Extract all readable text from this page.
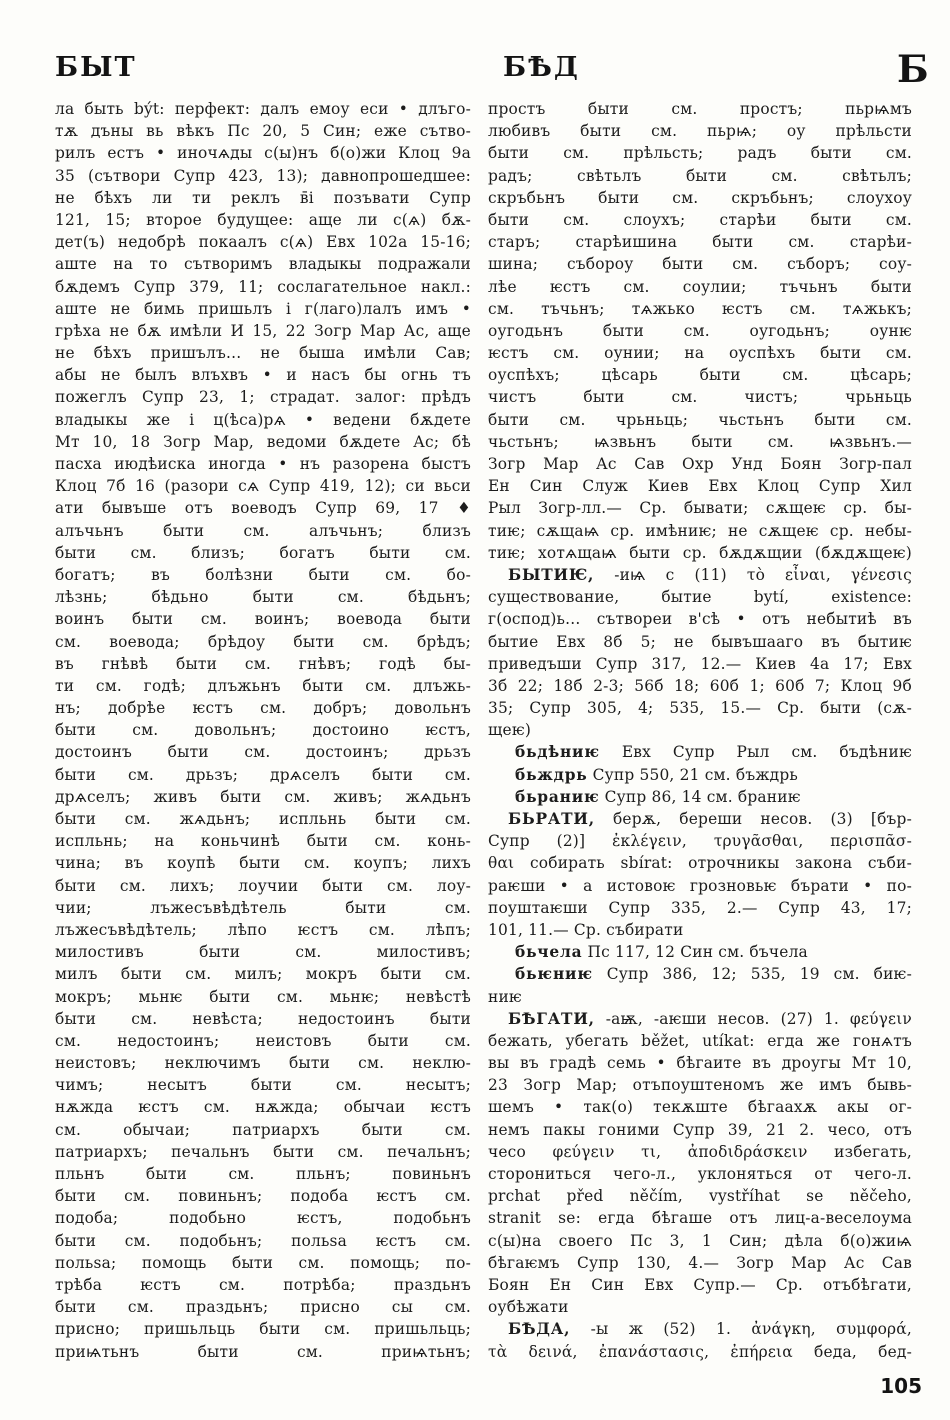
БЫТ	БѢД	Б
ла быть být: перфект: далъ емоу еси • длъго-
тѫ дъны вь вѣкъ Пс 20, 5 Син; еже сътво-
рилъ естъ • иночѧды с(ы)нъ б(о)жи Клоц 9а
35 (сътвори Супр 423, 13); давнопрошедшее:
не бѣхъ ли ти реклъ в̄і позъвати Супр
121, 15; второе будущее: аще ли с(ѧ) бѫ-
дет(ъ) недобрѣ покаалъ с(ѧ) Евх 102а 15-16;
аште на то сътворимъ владыкы подражали
бѫдемъ Супр 379, 11; сослагательное накл.:
аште не бимь пришьлъ і г(лаго)лалъ имъ •
грѣха не бѫ имѣли И 15, 22 Зогр Мар Ас, аще
не бѣхъ пришълъ... не быша имѣли Сав;
абы не былъ влъхвъ • и насъ бы огнь тъ
пожеглъ Супр 23, 1; страдат. залог: прѣдъ
владыкы же і ц(ѣса)рѧ • ведени бѫдете
Мт 10, 18 Зогр Мар, ведоми бѫдете Ас; бѣ
пасха июдѣиска иногда • нъ разорена быстъ
Клоц 7б 16 (разори сѧ Супр 419, 12); си вьси
ати бывъше отъ воеводъ Супр 69, 17 ♦
алъчьнъ быти см. алъчьнъ; близъ
быти см. близъ; богатъ быти см.
богатъ; въ болѣзни быти см. бо-
лѣзнь; бѣдьно быти см. бѣдьнъ;
воинъ быти см. воинъ; воевода быти
см. воевода; брѣдоу быти см. брѣдъ;
въ гнѣвѣ быти см. гнѣвъ; годѣ бы-
ти см. годѣ; длъжьнъ быти см. длъжь-
нъ; добрѣе ѥстъ см. добръ; довольнъ
быти см. довольнъ; достоино ѥстъ,
достоинъ быти см. достоинъ; дрьзъ
быти см. дрьзъ; дрѧселъ быти см.
дрѧселъ; живъ быти см. живъ; жѧдьнъ
быти см. жѧдьнъ; испльнь быти см.
испльнь; на коньчинѣ быти см. конь-
чина; въ коупѣ быти см. коупъ; лихъ
быти см. лихъ; лоучии быти см. лоу-
чии; лъжесъвѣдѣтель быти см.
лъжесъвѣдѣтель; лѣпо ѥстъ см. лѣпъ;
милостивъ быти см. милостивъ;
милъ быти см. милъ; мокръ быти см.
мокръ; мьнѥ быти см. мьнѥ; невѣстѣ
быти см. невѣста; недостоинъ быти
см. недостоинъ; неистовъ быти см.
неистовъ; неключимъ быти см. неклю-
чимъ; несытъ быти см. несытъ;
нѫжда ѥстъ см. нѫжда; обычаи ѥстъ
см. обычаи; патриархъ быти см.
патриархъ; печальнъ быти см. печальнъ;
пльнъ быти см. пльнъ; повиньнъ
быти см. повиньнъ; подоба ѥстъ см.
подоба; подобьно ѥстъ, подобьнъ
быти см. подобьнъ; польѕа ѥстъ см.
польѕа; помощь быти см. помощь; по-
трѣба ѥстъ см. потрѣба; праздьнъ
быти см. праздьнъ; присно сы см.
присно; пришьльць быти см. пришьльць;
приѩтьнъ быти см. приѩтьнъ;
простъ быти см. простъ; пьрѩмъ
любивъ быти см. пьрѩ; оу прѣльсти
быти см. прѣльсть; радъ быти см.
радъ; свѣтьлъ быти см. свѣтьлъ;
скръбьнъ быти см. скръбьнъ; слоухоу
быти см. слоухъ; старѣи быти см.
старъ; старѣишина быти см. старѣи-
шина; събороу быти см. съборъ; соу-
лѣе ѥстъ см. соулии; тъчьнъ быти
см. тъчьнъ; тѧжько ѥстъ см. тѧжькъ;
оугодьнъ быти см. оугодьнъ; оунѥ
ѥстъ см. оунии; на оуспѣхъ быти см.
оуспѣхъ; цѣсарь быти см. цѣсарь;
чистъ быти см. чистъ; чрьньць
быти см. чрьньць; чьстьнъ быти см.
чьстьнъ; ѩзвьнъ быти см. ѩзвьнъ.—
Зогр Мар Ас Сав Охр Унд Боян Зогр-пал
Ен Син Служ Киев Евх Клоц Супр Хил
Рыл Зогр-лл.— Ср. бывати; сѫщеѥ ср. бы-
тиѥ; сѫщаѩ ср. имѣниѥ; не сѫщеѥ ср. небы-
тиѥ; хотѧщаѩ быти ср. бѫдѫщии (бѫдѫщеѥ)
БЫТИѤ, -иѩ с (11) τὸ εἶναι, γένεσις
существование, бытие bytí, existence:
г(оспод)ь... сътвореи в'сѣ • отъ небытиѣ въ
бытие Евх 8б 5; не бывъшааго въ бытиѥ
приведъши Супр 317, 12.— Киев 4а 17; Евх
3б 22; 18б 2-3; 56б 18; 60б 1; 60б 7; Клоц 9б
35; Супр 305, 4; 535, 15.— Ср. быти (сѫ-
щеѥ)
бьдѣниѥ Евх Супр Рыл см. бъдѣниѥ
бьждрь Супр 550, 21 см. бъждрь
бьраниѥ Супр 86, 14 см. браниѥ
БЬРАТИ, берѫ, береши несов. (3) [бър-
Супр (2)] ἐκλέγειν, τρυγᾶσθαι, περισπᾶσ-
θαι собирать sbírat: отрочникы закона съби-
раѥши • а истовоѥ грозновьѥ бърати • по-
поуштаѥши Супр 335, 2.— Супр 43, 17;
101, 11.— Ср. събирати
бьчела Пс 117, 12 Син см. бъчела
бьѥниѥ Супр 386, 12; 535, 19 см. биѥ-
ниѥ
БѢГАТИ, -аѭ, -аѥши несов. (27) 1. φεύγειν
бежать, убегать běžet, utíkat: егда же гонѧтъ
вы въ градѣ семь • бѣгаите въ дроугы Мт 10,
23 Зогр Мар; отъпоуштеномъ же имъ бывь-
шемъ • так(о) текѫште бѣгаахѫ акы ог-
немъ пакы гоними Супр 39, 21 2. чесо, отъ
чесо φεύγειν τι, ἀποδιδράσκειν избегать,
сторониться чего-л., уклоняться от чего-л.
prchat před něčím, vystříhat se něčeho,
stranit se: егда бѣгаше отъ лиц-а-веселоума
с(ы)на своего Пс 3, 1 Син; дѣла б(о)жиѩ
бѣгаѥмъ Супр 130, 4.— Зогр Мар Ас Сав
Боян Ен Син Евх Супр.— Ср. отъбѣгати,
оубѣжати
БѢДА, -ы ж (52) 1. ἀνάγκη, συμφορά,
τὰ δεινά, ἐπανάστασις, ἐπήρεια беда, бед-
105
